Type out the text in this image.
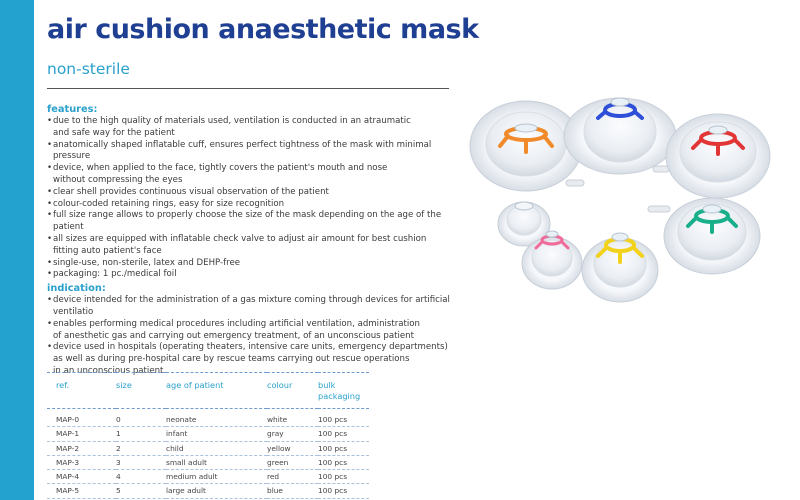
air cushion anaesthetic mask
non-sterile
features:
• due to the high quality of materials used, ventilation is conducted in an atraumatic
and safe way for the patient
• anatomically shaped inflatable cuff, ensures perfect tightness of the mask with minimal pressure
• device, when applied to the face, tightly covers the patient's mouth and nose
without compressing the eyes
• clear shell provides continuous visual observation of the patient
• colour-coded retaining rings, easy for size recognition
• full size range allows to properly choose the size of the mask depending on the age of the patient
• all sizes are equipped with inflatable check valve to adjust air amount for best cushion
fitting auto patient's face
• single-use, non-sterile, latex and DEHP-free
• packaging: 1 pc./medical foil
indication:
• device intended for the administration of a gas mixture coming through devices for artificial ventilatio
• enables performing medical procedures including artificial ventilation, administration
of anesthetic gas and carrying out emergency treatment, of an unconscious patient
• device used in hospitals (operating theaters, intensive care units, emergency departments)
as well as during pre-hospital care by rescue teams carrying out rescue operations
in an unconscious patient
ref.	size	age of patient	colour	bulk
packaging
MAP-0	0	neonate	white	100 pcs
MAP-1	1	infant	gray	100 pcs
MAP-2	2	child	yellow	100 pcs
MAP-3	3	small adult	green	100 pcs
MAP-4	4	medium adult	red	100 pcs
MAP-5	5	large adult	blue	100 pcs
